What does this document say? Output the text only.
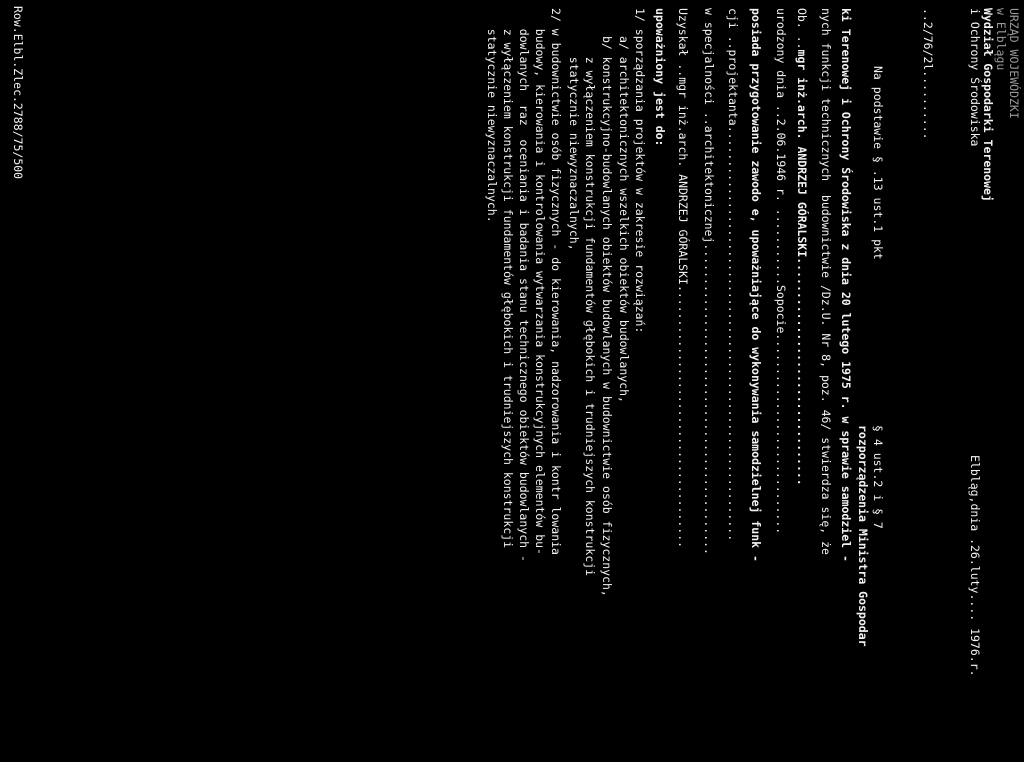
URZĄD WOJEWÓDZKI
w Elblągu
Wydział Gospodarki Terenowej
i Ochrony Środowiska
Elbląg,dnia .26.luty.... 1976.r.
..2/76/2l..........
Na podstawie § .13 ust.1 pkt
§ 4 ust.2 i § 7
rozporządzenia Ministra Gospodar
ki Terenowej i Ochrony Środowiska z dnia 20 lutego 1975 r. w sprawie samodziel -
nych funkcji technicznych  budownictwie /Dz.U. Nr 8, poz. 46/ stwierdza się, że
Ob. ..mgr inż.arch. ANDRZEJ GÓRALSKI.................................
urodzony dnia ..2.06.1946 r. ...........Sopocie.............................
posiada przygotowanie zawodo e, upoważniające do wykonywania samodzielnej funk -
cji ..projektanta............................................................
w specjalności ..architektonicznej.............................................
Uzyskał ..mgr inż.arch. ANDRZEJ GÓRALSKI......................................
upoważniony jest do:
1/ sporządzania projektów w zakresie rozwiązań:
a/ architektonicznych wszelkich obiektów budowlanych,
b/ konstrukcyjno-budowlanych obiektów budowlanych w budownictwie osób fizycznych,
z wyłączeniem konstrukcji fundamentów głębokich i trudniejszych konstrukcji
statycznie niewyznaczalnych,
2/ w budownictwie osób fizycznych - do kierowania, nadzorowania i kontr lowania
budowy, kierowania i kontrolowania wytwarzania konstrukcyjnych elementów bu-
dowlanych  raz  oceniania i badania stanu technicznego obiektów budowlanych -
z wyłączeniem konstrukcji fundamentów głębokich i trudniejszych konstrukcji
statycznie niewyznaczalnych.
Row.Elbl.Zlec.2788/75/500
